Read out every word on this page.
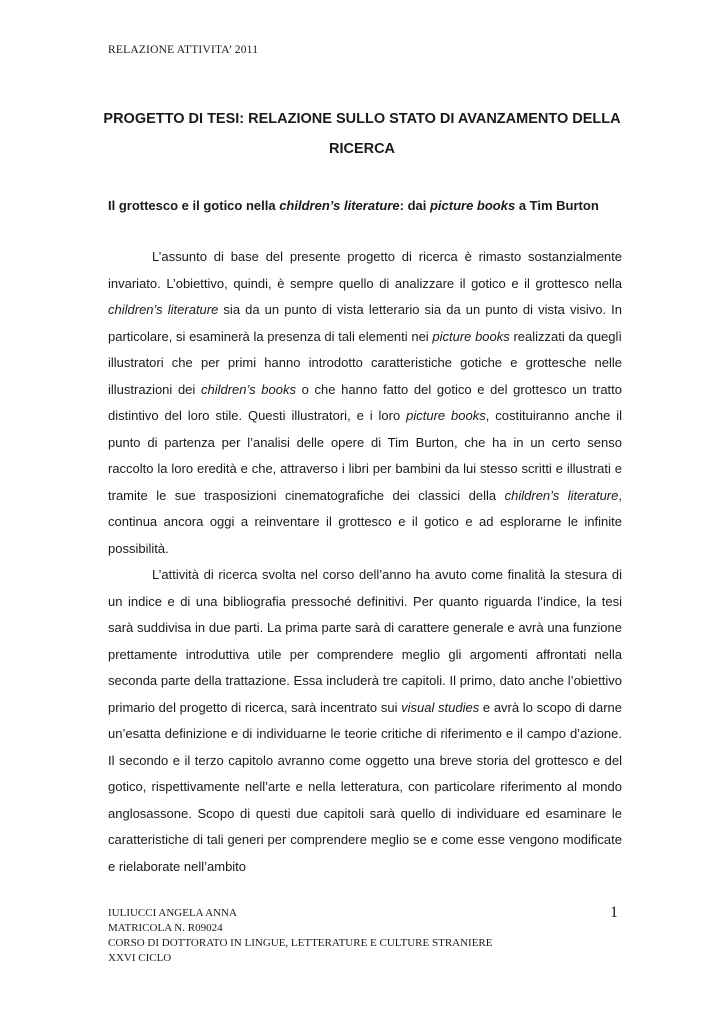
RELAZIONE ATTIVITA’ 2011
PROGETTO DI TESI: RELAZIONE SULLO STATO DI AVANZAMENTO DELLA
RICERCA
Il grottesco e il gotico nella children’s literature: dai picture books a Tim Burton

L’assunto di base del presente progetto di ricerca è rimasto sostanzialmente invariato. L’obiettivo, quindi, è sempre quello di analizzare il gotico e il grottesco nella children’s literature sia da un punto di vista letterario sia da un punto di vista visivo. In particolare, si esaminerà la presenza di tali elementi nei picture books realizzati da queglì illustratori che per primi hanno introdotto caratteristiche gotiche e grottesche nelle illustrazioni dei children’s books o che hanno fatto del gotico e del grottesco un tratto distintivo del loro stile. Questi illustratori, e i loro picture books, costituiranno anche il punto di partenza per l’analisi delle opere di Tim Burton, che ha in un certo senso raccolto la loro eredità e che, attraverso i libri per bambini da lui stesso scritti e illustrati e tramite le sue trasposizioni cinematografiche dei classici della children’s literature, continua ancora oggi a reinventare il grottesco e il gotico e ad esplorarne le infinite possibilità.

L’attività di ricerca svolta nel corso dell’anno ha avuto come finalità la stesura di un indice e di una bibliografia pressoché definitivi. Per quanto riguarda l’indice, la tesi sarà suddivisa in due parti. La prima parte sarà di carattere generale e avrà una funzione prettamente introduttiva utile per comprendere meglio gli argomenti affrontati nella seconda parte della trattazione. Essa includerà tre capitoli. Il primo, dato anche l’obiettivo primario del progetto di ricerca, sarà incentrato sui visual studies e avrà lo scopo di darne un’esatta definizione e di individuarne le teorie critiche di riferimento e il campo d’azione. Il secondo e il terzo capitolo avranno come oggetto una breve storia del grottesco e del gotico, rispettivamente nell’arte e nella letteratura, con particolare riferimento al mondo anglosassone. Scopo di questi due capitoli sarà quello di individuare ed esaminare le caratteristiche di tali generi per comprendere meglio se e come esse vengono modificate e rielaborate nell’ambito

IULIUCCI ANGELA ANNA
MATRICOLA N. R09024
CORSO DI DOTTORATO IN LINGUE, LETTERATURE E CULTURE STRANIERE
XXVI CICLO
1
